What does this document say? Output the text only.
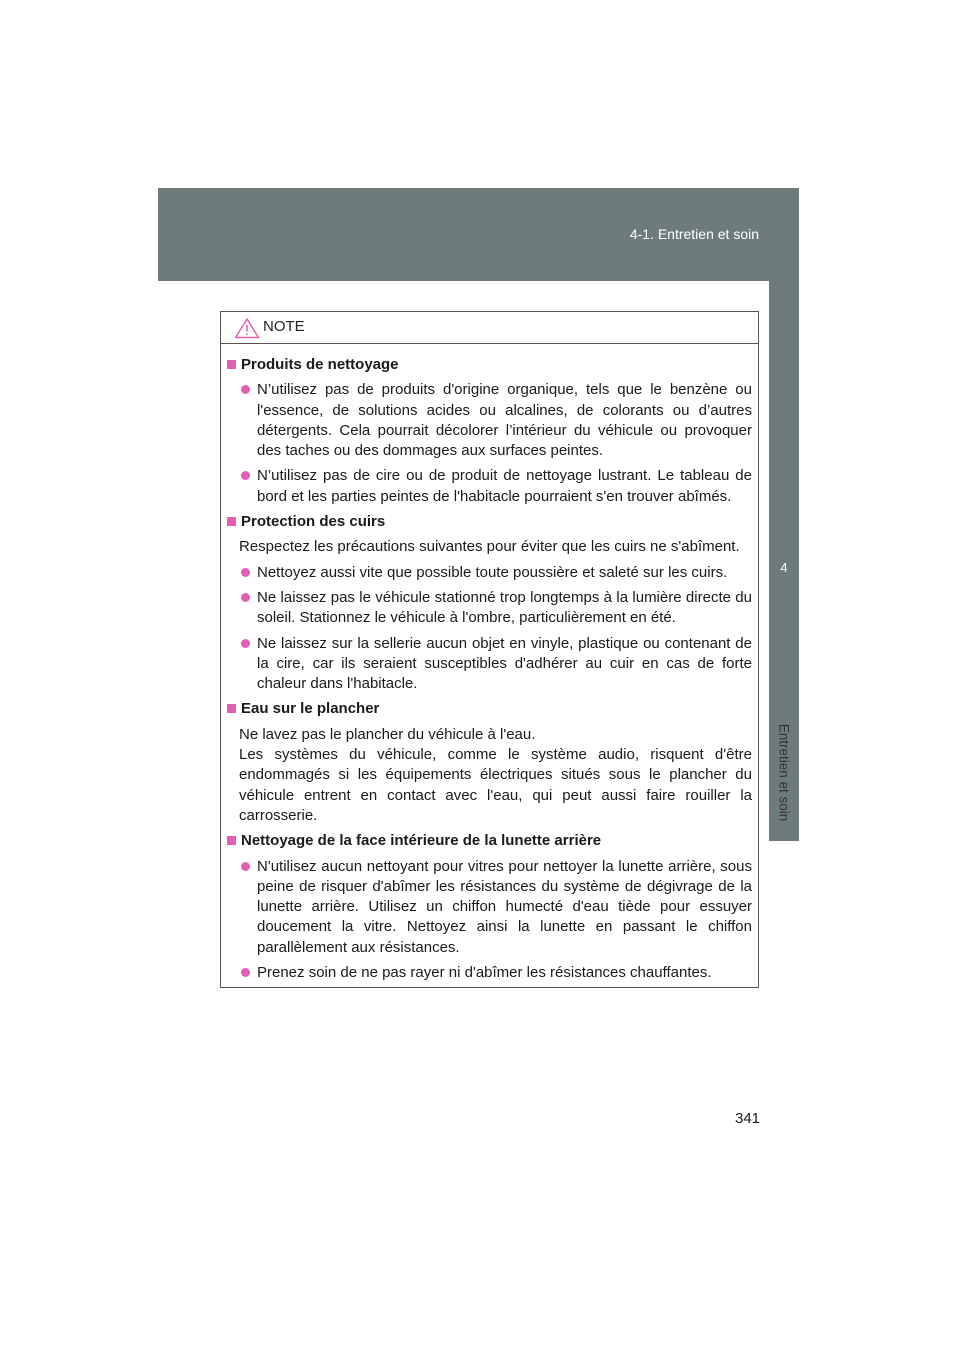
4-1. Entretien et soin
4
Entretien et soin
NOTE
Produits de nettoyage
N’utilisez pas de produits d'origine organique, tels que le benzène ou l'essence, de solutions acides ou alcalines, de colorants ou d’autres détergents. Cela pourrait décolorer l’intérieur du véhicule ou provoquer des taches ou des dommages aux surfaces peintes.
N’utilisez pas de cire ou de produit de nettoyage lustrant. Le tableau de bord et les parties peintes de l'habitacle pourraient s'en trouver abîmés.
Protection des cuirs
Respectez les précautions suivantes pour éviter que les cuirs ne s'abîment.
Nettoyez aussi vite que possible toute poussière et saleté sur les cuirs.
Ne laissez pas le véhicule stationné trop longtemps à la lumière directe du soleil. Stationnez le véhicule à l'ombre, particulièrement en été.
Ne laissez sur la sellerie aucun objet en vinyle, plastique ou contenant de la cire, car ils seraient susceptibles d'adhérer au cuir en cas de forte chaleur dans l'habitacle.
Eau sur le plancher
Ne lavez pas le plancher du véhicule à l'eau.
Les systèmes du véhicule, comme le système audio, risquent d'être endommagés si les équipements électriques situés sous le plancher du véhicule entrent en contact avec l'eau, qui peut aussi faire rouiller la carrosserie.
Nettoyage de la face intérieure de la lunette arrière
N'utilisez aucun nettoyant pour vitres pour nettoyer la lunette arrière, sous peine de risquer d'abîmer les résistances du système de dégivrage de la lunette arrière. Utilisez un chiffon humecté d'eau tiède pour essuyer doucement la vitre. Nettoyez ainsi la lunette en passant le chiffon parallèlement aux résistances.
Prenez soin de ne pas rayer ni d'abîmer les résistances chauffantes.
341
